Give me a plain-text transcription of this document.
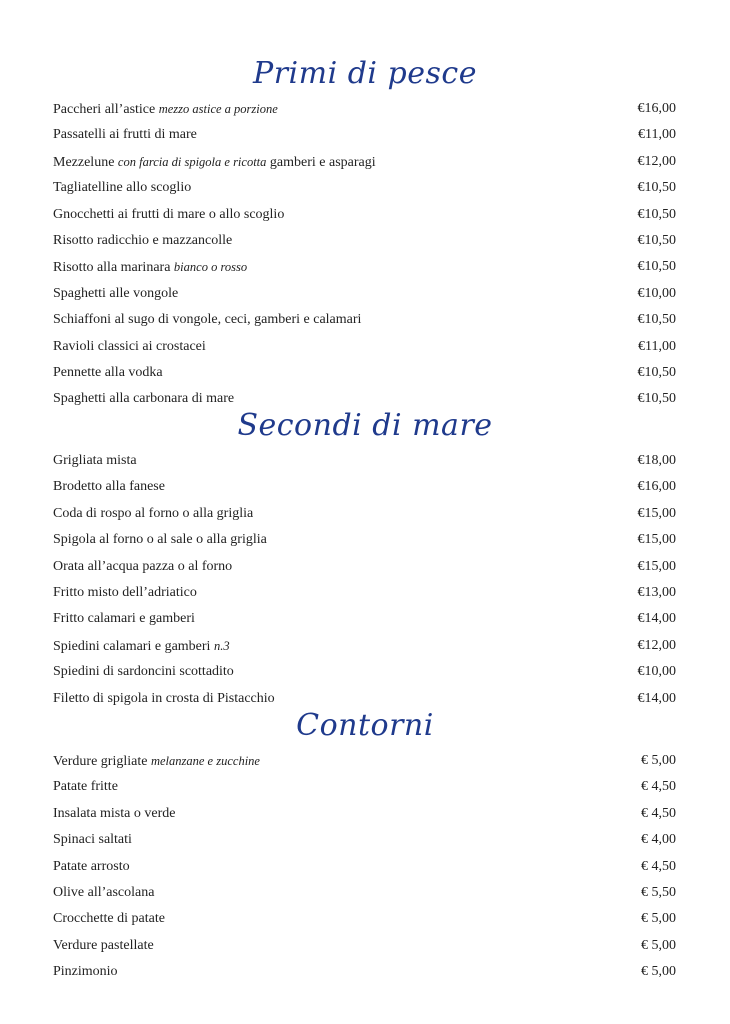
Primi di pesce
Paccheri all’astice mezzo astice a porzione	€16,00
Passatelli ai frutti di mare	€11,00
Mezzelune con farcia di spigola e ricotta gamberi e asparagi	€12,00
Tagliatelline allo scoglio	€10,50
Gnocchetti ai frutti di mare o allo scoglio	€10,50
Risotto radicchio e mazzancolle	€10,50
Risotto alla marinara bianco o rosso	€10,50
Spaghetti alle vongole	€10,00
Schiaffoni al sugo di vongole, ceci, gamberi e calamari	€10,50
Ravioli classici ai crostacei	€11,00
Pennette alla vodka	€10,50
Spaghetti alla carbonara di mare	€10,50
Secondi di mare
Grigliata mista	€18,00
Brodetto alla fanese	€16,00
Coda di rospo al forno o alla griglia	€15,00
Spigola al forno o al sale o alla griglia	€15,00
Orata all’acqua pazza o al forno	€15,00
Fritto misto dell’adriatico	€13,00
Fritto calamari e gamberi	€14,00
Spiedini calamari e gamberi n.3	€12,00
Spiedini di sardoncini scottadito	€10,00
Filetto di spigola in crosta di Pistacchio	€14,00
Contorni
Verdure grigliate melanzane e zucchine	€ 5,00
Patate fritte	€ 4,50
Insalata mista o verde	€ 4,50
Spinaci saltati	€ 4,00
Patate arrosto	€ 4,50
Olive all’ascolana	€ 5,50
Crocchette di patate	€ 5,00
Verdure pastellate	€ 5,00
Pinzimonio	€ 5,00
